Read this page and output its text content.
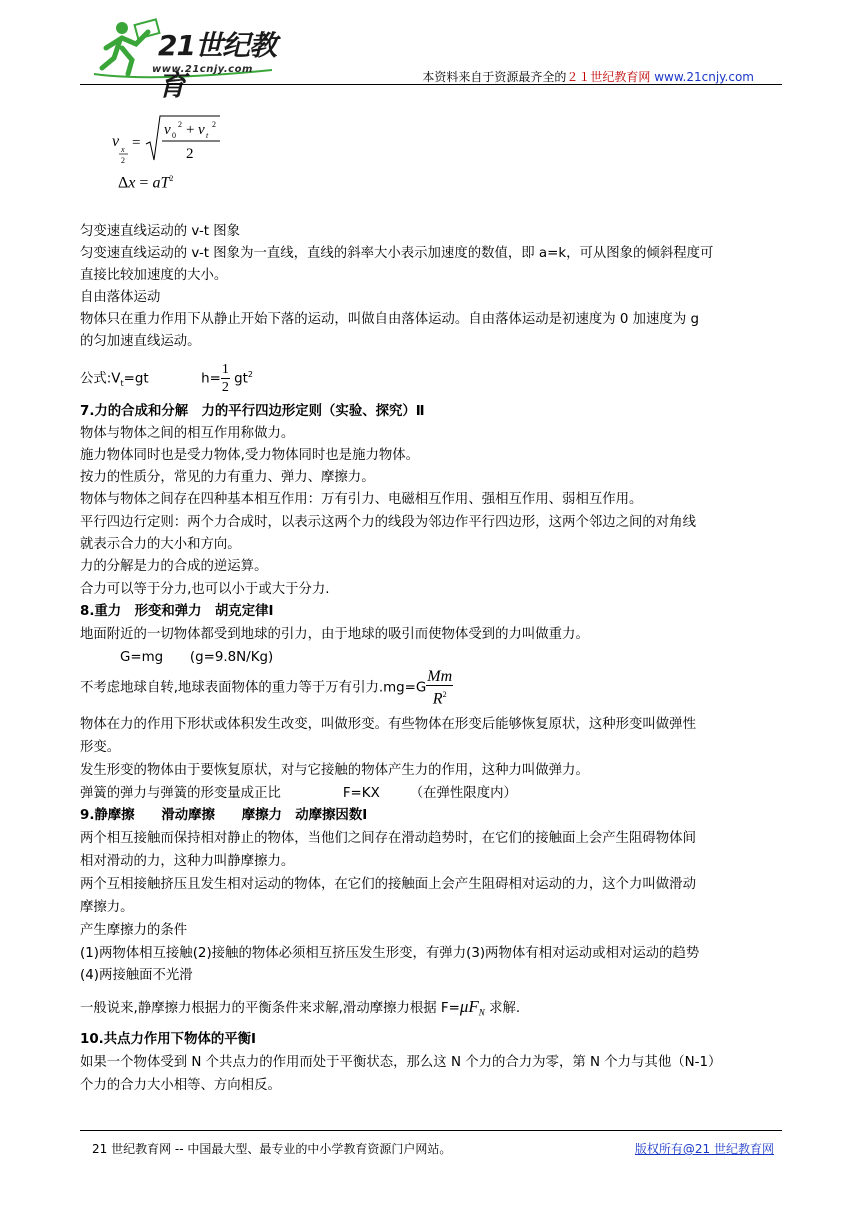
21世纪教育
www.21cnjy.com
本资料来自于资源最齐全的２１世纪教育网 www.21cnjy.com
v x
2
=
v 0
2 + v t
2
2
$\Delta x = aT^2$
匀变速直线运动的 v-t 图象
匀变速直线运动的 v-t 图象为一直线，直线的斜率大小表示加速度的数值，即 a=k，可从图象的倾斜程度可
直接比较加速度的大小。
自由落体运动
物体只在重力作用下从静止开始下落的运动，叫做自由落体运动。自由落体运动是初速度为 0 加速度为 g
的匀加速直线运动。
公式$:V_t=gt$	$h= \frac{1}{2} gt^2$
7.力的合成和分解　力的平行四边形定则（实验、探究）Ⅱ
物体与物体之间的相互作用称做力。
施力物体同时也是受力物体,受力物体同时也是施力物体。
按力的性质分，常见的力有重力、弹力、摩擦力。
物体与物体之间存在四种基本相互作用：万有引力、电磁相互作用、强相互作用、弱相互作用。
平行四边行定则：两个力合成时，以表示这两个力的线段为邻边作平行四边形，这两个邻边之间的对角线
就表示合力的大小和方向。
力的分解是力的合成的逆运算。
合力可以等于分力,也可以小于或大于分力.
8.重力　形变和弹力　胡克定律Ⅰ
地面附近的一切物体都受到地球的引力，由于地球的吸引而使物体受到的力叫做重力。
G=mg　　(g=9.8N/Kg)
不考虑地球自转,地球表面物体的重力等于万有引力$.mg=G \frac{Mm}{R^2}$
物体在力的作用下形状或体积发生改变，叫做形变。有些物体在形变后能够恢复原状，这种形变叫做弹性
形变。
发生形变的物体由于要恢复原状，对与它接触的物体产生力的作用，这种力叫做弹力。
弹簧的弹力与弹簧的形变量成正比	F=KX （在弹性限度内）
9.静摩擦　　滑动摩擦　　摩擦力　动摩擦因数Ⅰ
两个相互接触而保持相对静止的物体，当他们之间存在滑动趋势时，在它们的接触面上会产生阻碍物体间
相对滑动的力，这种力叫静摩擦力。
两个互相接触挤压且发生相对运动的物体，在它们的接触面上会产生阻碍相对运动的力，这个力叫做滑动
摩擦力。
产生摩擦力的条件
(1)两物体相互接触(2)接触的物体必须相互挤压发生形变，有弹力(3)两物体有相对运动或相对运动的趋势
(4)两接触面不光滑
一般说来,静摩擦力根据力的平衡条件来求解,滑动摩擦力根据 $F=\mu F_N$ 求解.
10.共点力作用下物体的平衡Ⅰ
如果一个物体受到 N 个共点力的作用而处于平衡状态，那么这 N 个力的合力为零，第 N 个力与其他（N-1）
个力的合力大小相等、方向相反。
21 世纪教育网 -- 中国最大型、最专业的中小学教育资源门户网站。	版权所有@21 世纪教育网
